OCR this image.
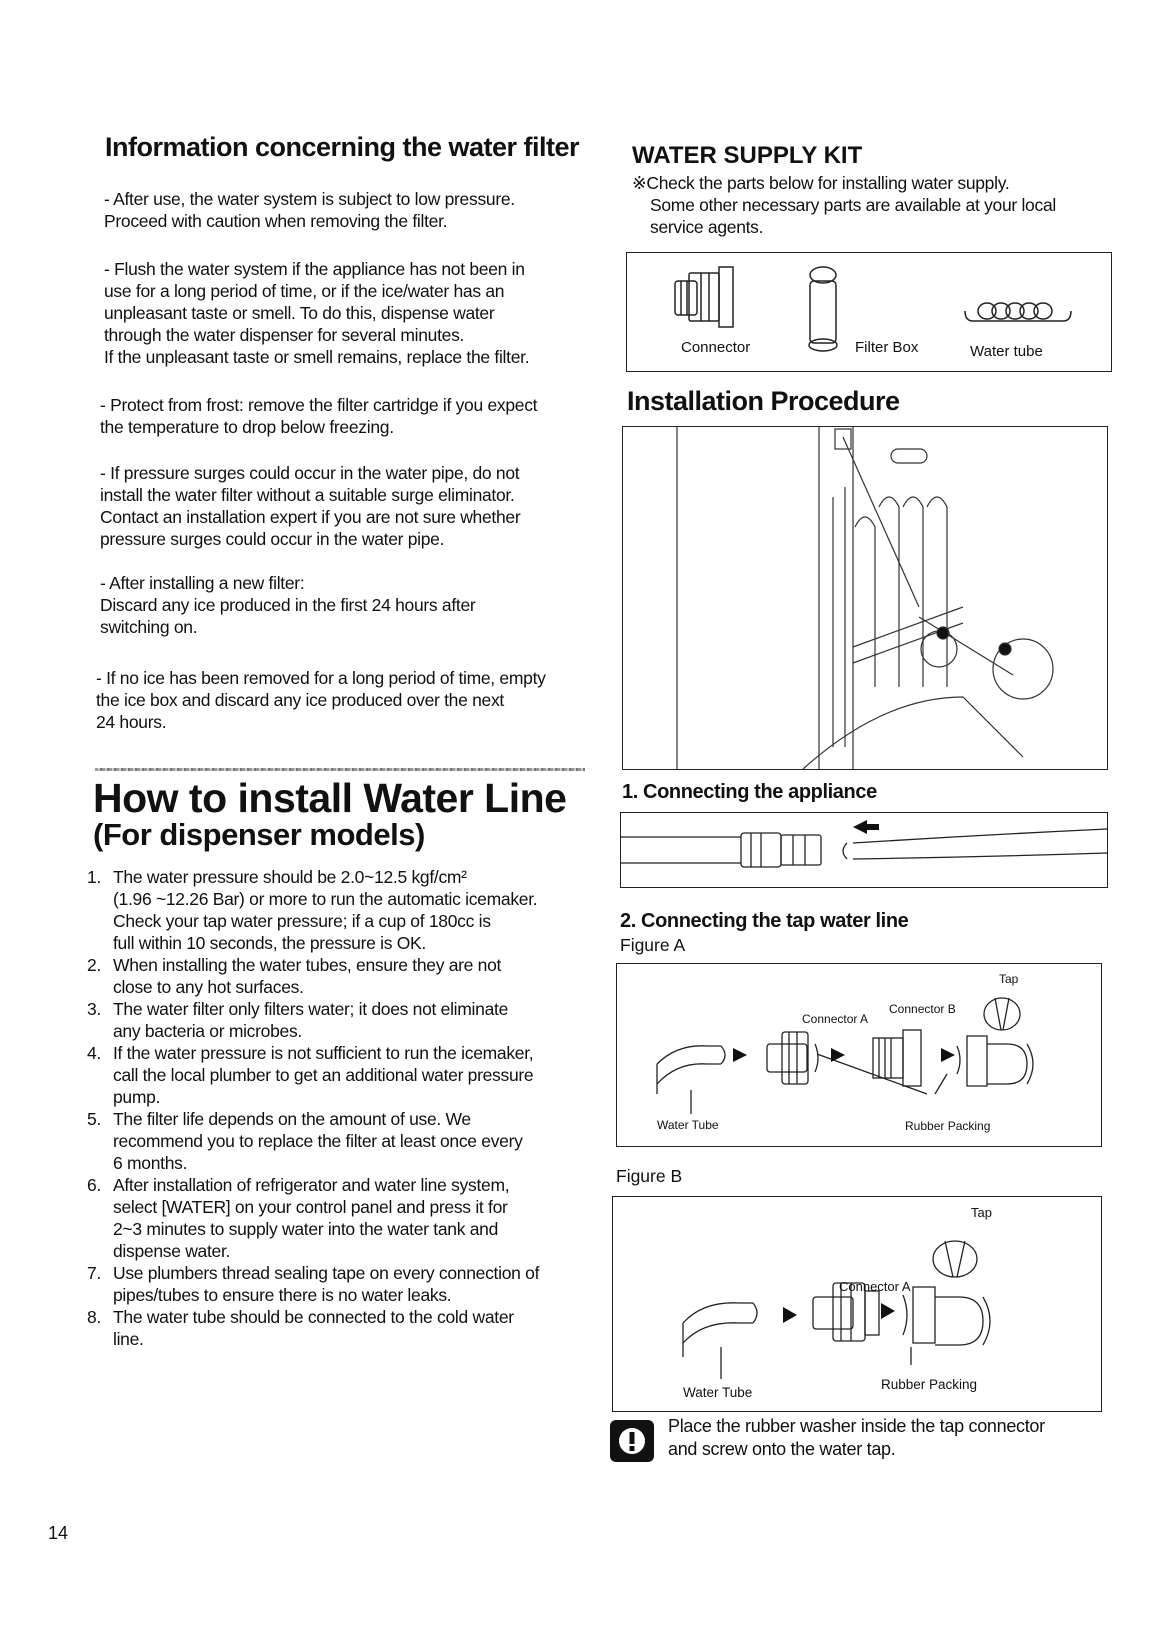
Information concerning the water filter

- After use, the water system is subject to low pressure.
Proceed with caution when removing the filter.

- Flush the water system if the appliance has not been in
use for a long period of time, or if the ice/water has an
unpleasant taste or smell. To do this, dispense water
through the water dispenser for several minutes.
If the unpleasant taste or smell remains, replace the filter.

- Protect from frost: remove the filter cartridge if you expect
the temperature to drop below freezing.

- If pressure surges could occur in the water pipe, do not
install the water filter without a suitable surge eliminator.
Contact an installation expert if you are not sure whether
pressure surges could occur in the water pipe.

- After installing a new filter:
Discard any ice produced in the first 24 hours after
switching on.

- If no ice has been removed for a long period of time, empty
the ice box and discard any ice produced over the next
24 hours.

How to install Water Line
(For dispenser models)
1. The water pressure should be 2.0~12.5 kgf/cm²
(1.96 ~12.26 Bar) or more to run the automatic icemaker.
Check your tap water pressure; if a cup of 180cc is
full within 10 seconds, the pressure is OK.
2. When installing the water tubes, ensure they are not
close to any hot surfaces.
3. The water filter only filters water; it does not eliminate
any bacteria or microbes.
4. If the water pressure is not sufficient to run the icemaker,
call the local plumber to get an additional water pressure
pump.
5. The filter life depends on the amount of use. We
recommend you to replace the filter at least once every
6 months.
6. After installation of refrigerator and water line system,
select [WATER] on your control panel and press it for
2~3 minutes to supply water into the water tank and
dispense water.
7. Use plumbers thread sealing tape on every connection of
pipes/tubes to ensure there is no water leaks.
8. The water tube should be connected to the cold water
line.
14
WATER SUPPLY KIT
※Check the parts below for installing water supply.
Some other necessary parts are available at your local
service agents.
Connector	Filter Box	Water tube
Installation Procedure
1. Connecting the appliance
2. Connecting the tap water line
Figure A
Tap
Connector A
Connector B
Water Tube	Rubber Packing
Figure B
Tap
Connector A
Water Tube
Rubber Packing
Place the rubber washer inside the tap connector
and screw onto the water tap.
